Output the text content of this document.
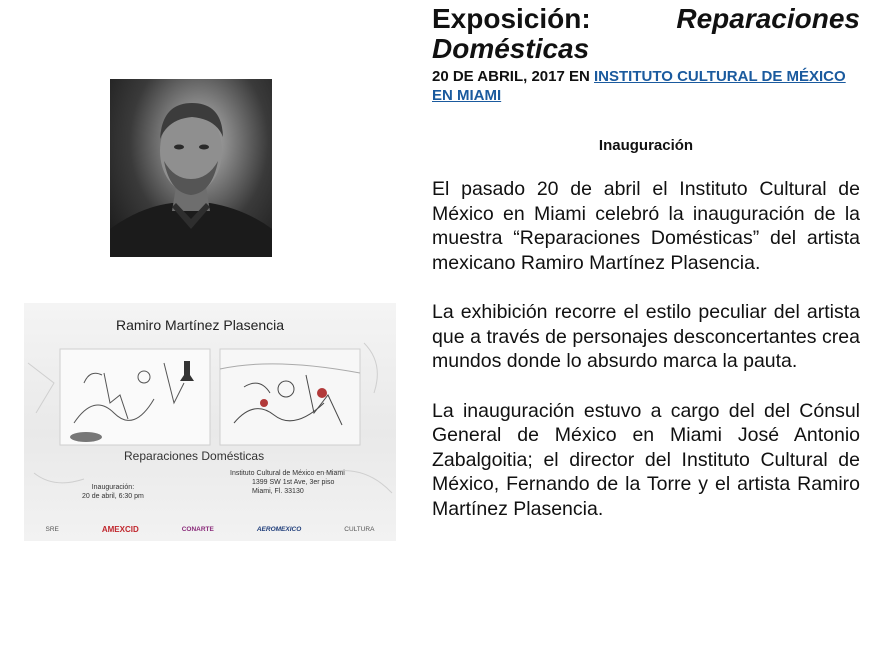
Ramiro Martínez Plasencia
Reparaciones Domésticas
Instituto Cultural de México en Miami
1399 SW 1st Ave, 3er piso
Miami, Fl. 33130
Inauguración:
20 de abril, 6:30 pm
SRE	AMEXCID	CONARTE	AEROMEXICO	CULTURA
Exposición:	Reparaciones
Domésticas

20 DE ABRIL, 2017 EN INSTITUTO CULTURAL DE MÉXICO EN MIAMI

Inauguración

El pasado 20 de abril el Instituto Cultural de México en Miami celebró la inauguración de la muestra “Reparaciones Domésticas” del artista mexicano Ramiro Martínez Plasencia.

La exhibición recorre el estilo peculiar del artista que a través de personajes desconcertantes crea mundos donde lo absurdo marca la pauta.

La inauguración estuvo a cargo del del Cónsul General de México en Miami José Antonio Zabalgoitia; el director del Instituto Cultural de México, Fernando de la Torre y el artista Ramiro Martínez Plasencia.
